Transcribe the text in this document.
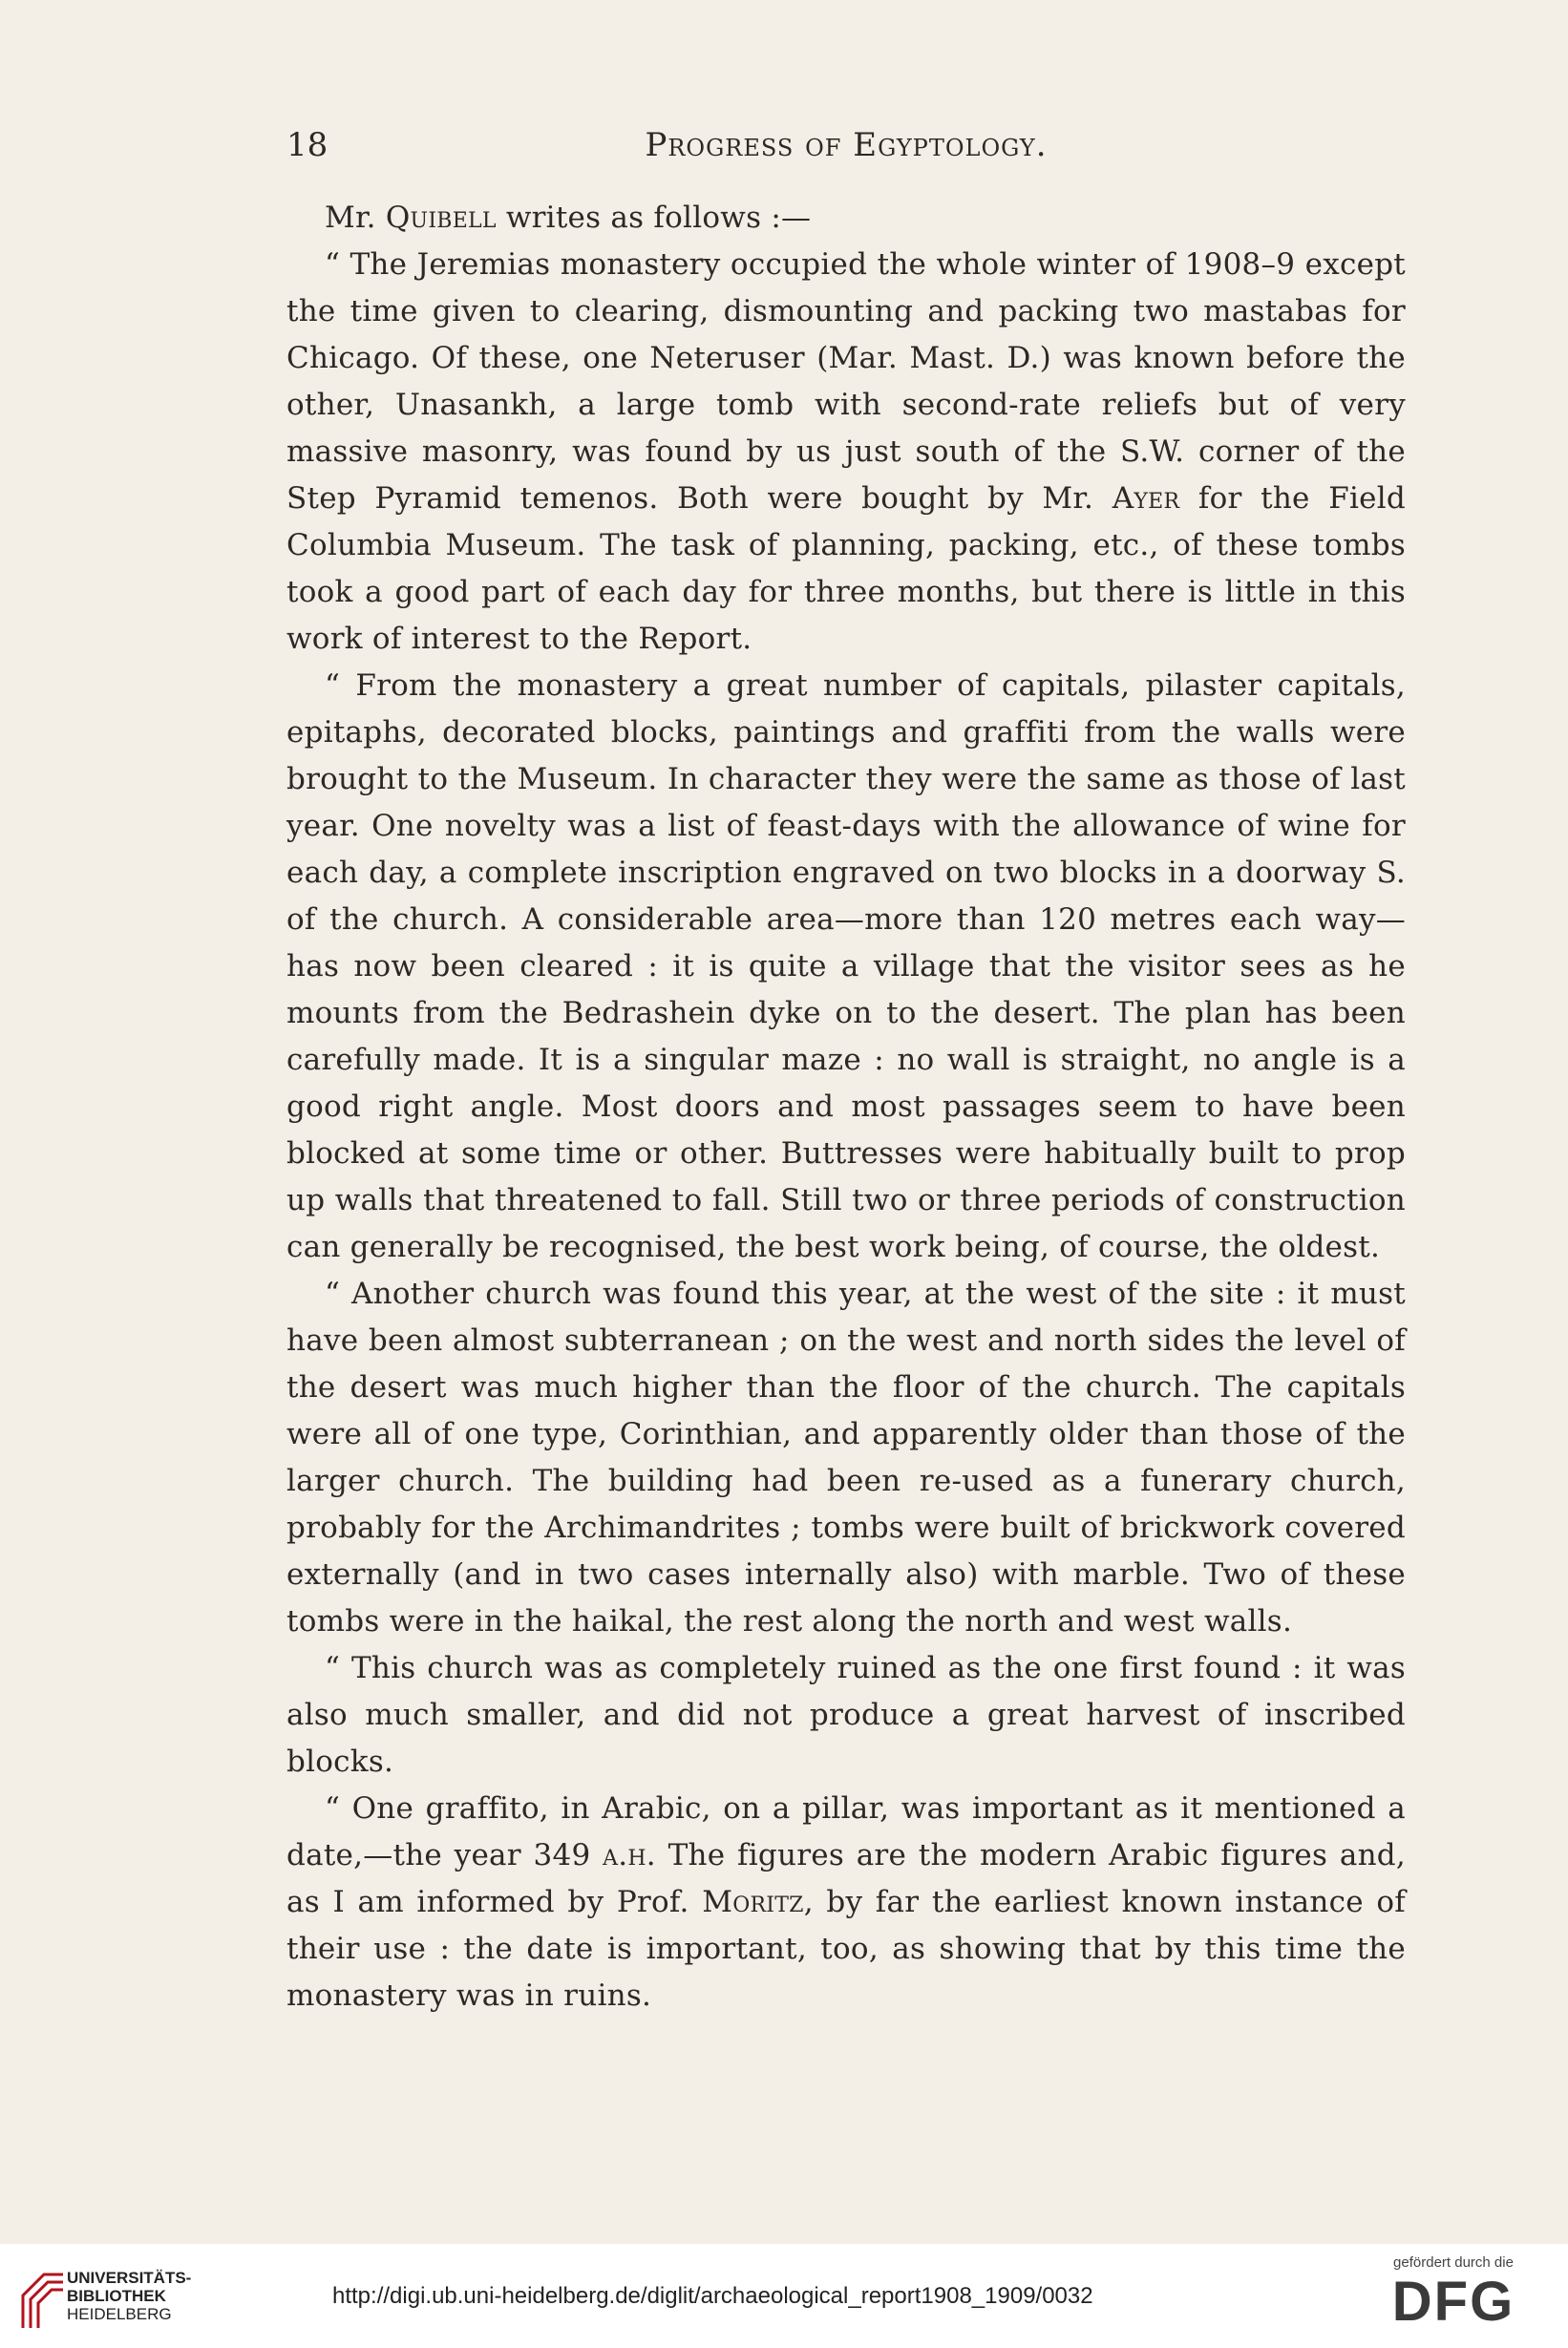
18	Progress of Egyptology.

Mr. Quibell writes as follows :—

“ The Jeremias monastery occupied the whole winter of 1908–9 except the time given to clearing, dismounting and packing two mastabas for Chicago. Of these, one Neteruser (Mar. Mast. D.) was known before the other, Unasankh, a large tomb with second-rate reliefs but of very massive masonry, was found by us just south of the S.W. corner of the Step Pyramid temenos. Both were bought by Mr. Ayer for the Field Columbia Museum. The task of planning, packing, etc., of these tombs took a good part of each day for three months, but there is little in this work of interest to the Report.

“ From the monastery a great number of capitals, pilaster capitals, epitaphs, decorated blocks, paintings and graffiti from the walls were brought to the Museum. In character they were the same as those of last year. One novelty was a list of feast-days with the allowance of wine for each day, a complete inscription engraved on two blocks in a doorway S. of the church. A considerable area—more than 120 metres each way—has now been cleared : it is quite a village that the visitor sees as he mounts from the Bedrashein dyke on to the desert. The plan has been carefully made. It is a singular maze : no wall is straight, no angle is a good right angle. Most doors and most passages seem to have been blocked at some time or other. Buttresses were habitually built to prop up walls that threatened to fall. Still two or three periods of construction can generally be recognised, the best work being, of course, the oldest.

“ Another church was found this year, at the west of the site : it must have been almost subterranean ; on the west and north sides the level of the desert was much higher than the floor of the church. The capitals were all of one type, Corinthian, and apparently older than those of the larger church. The building had been re-used as a funerary church, probably for the Archimandrites ; tombs were built of brickwork covered externally (and in two cases internally also) with marble. Two of these tombs were in the haikal, the rest along the north and west walls.

“ This church was as completely ruined as the one first found : it was also much smaller, and did not produce a great harvest of inscribed blocks.

“ One graffito, in Arabic, on a pillar, was important as it mentioned a date,—the year 349 a.h. The figures are the modern Arabic figures and, as I am informed by Prof. Moritz, by far the earliest known instance of their use : the date is important, too, as showing that by this time the monastery was in ruins.

UNIVERSITÄTS-
BIBLIOTHEK
HEIDELBERG
http://digi.ub.uni-heidelberg.de/diglit/archaeological_report1908_1909/0032
gefördert durch die
DFG
